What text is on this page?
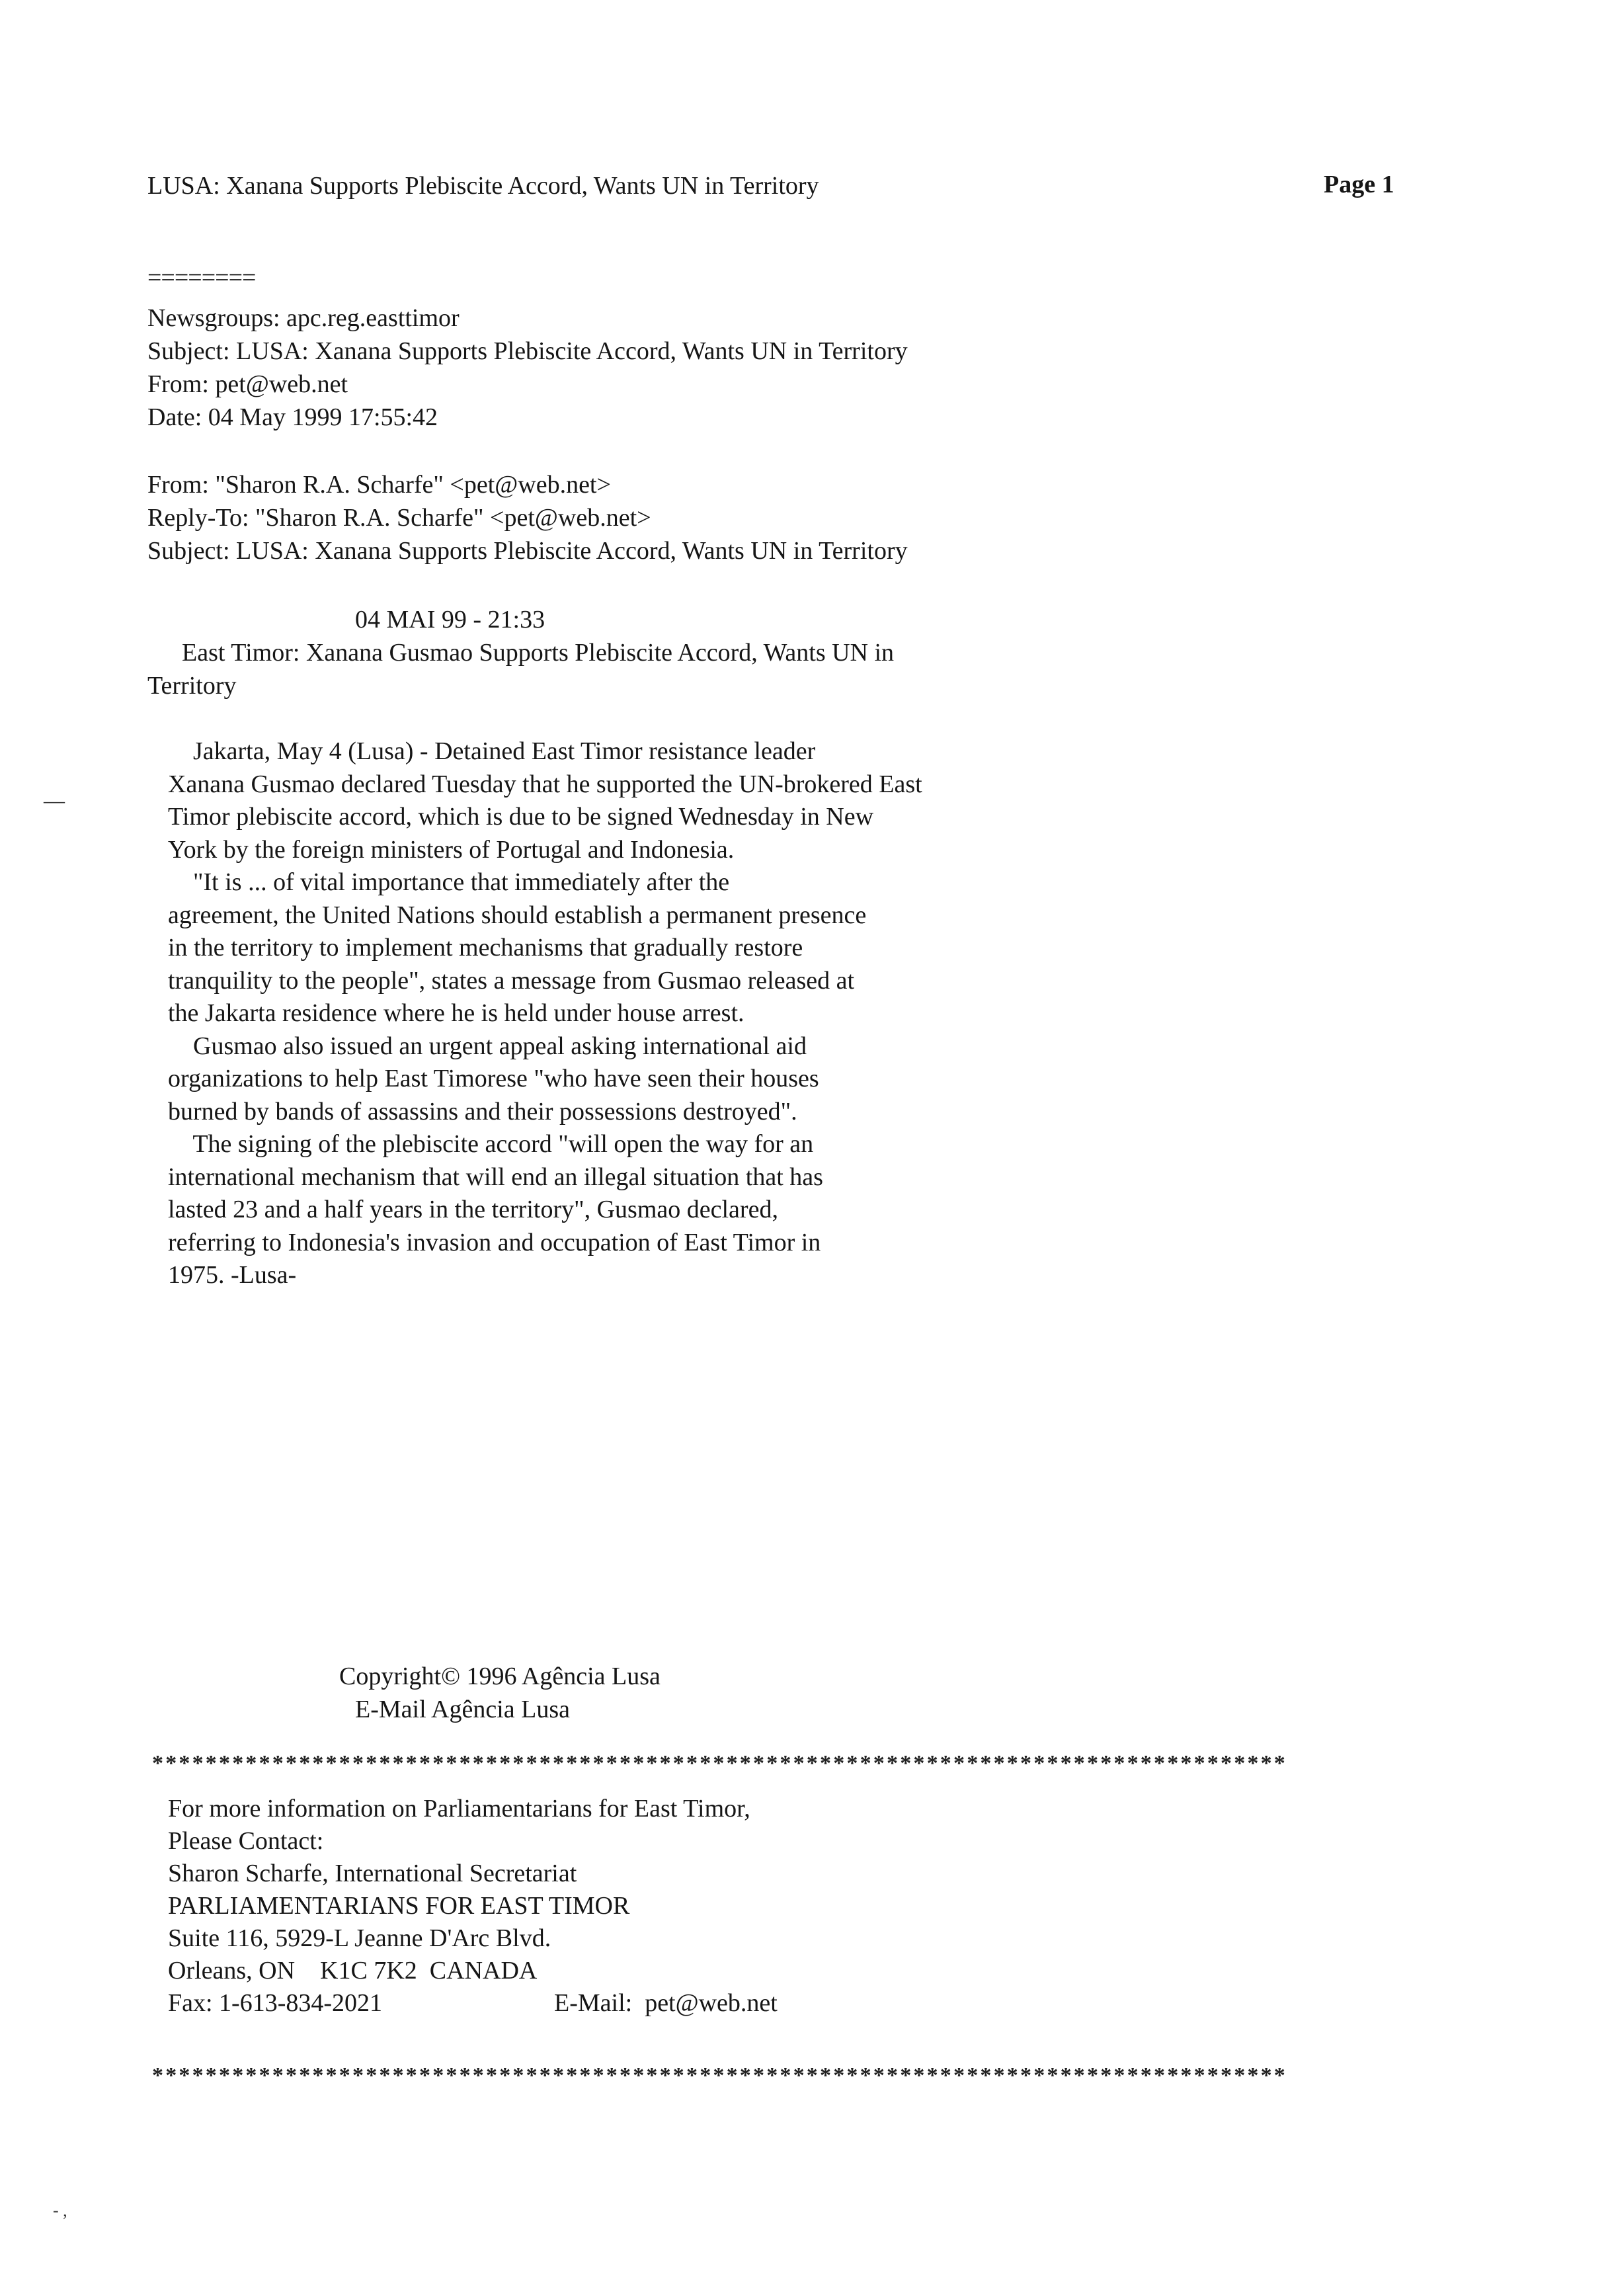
LUSA: Xanana Supports Plebiscite Accord, Wants UN in Territory	Page 1
========
Newsgroups: apc.reg.easttimor
Subject: LUSA: Xanana Supports Plebiscite Accord, Wants UN in Territory
From: pet@web.net
Date: 04 May 1999 17:55:42
From: "Sharon R.A. Scharfe" <pet@web.net>
Reply-To: "Sharon R.A. Scharfe" <pet@web.net>
Subject: LUSA: Xanana Supports Plebiscite Accord, Wants UN in Territory
04 MAI 99 - 21:33
East Timor: Xanana Gusmao Supports Plebiscite Accord, Wants UN in
Territory
—
Jakarta, May 4 (Lusa) - Detained East Timor resistance leader
Xanana Gusmao declared Tuesday that he supported the UN-brokered East
Timor plebiscite accord, which is due to be signed Wednesday in New
York by the foreign ministers of Portugal and Indonesia.
"It is ... of vital importance that immediately after the
agreement, the United Nations should establish a permanent presence
in the territory to implement mechanisms that gradually restore
tranquility to the people", states a message from Gusmao released at
the Jakarta residence where he is held under house arrest.
Gusmao also issued an urgent appeal asking international aid
organizations to help East Timorese "who have seen their houses
burned by bands of assassins and their possessions destroyed".
The signing of the plebiscite accord "will open the way for an
international mechanism that will end an illegal situation that has
lasted 23 and a half years in the territory", Gusmao declared,
referring to Indonesia's invasion and occupation of East Timor in
1975. -Lusa-
Copyright© 1996 Agência Lusa
E-Mail Agência Lusa
*************************************************************************************
For more information on Parliamentarians for East Timor,
Please Contact:
Sharon Scharfe, International Secretariat
PARLIAMENTARIANS FOR EAST TIMOR
Suite 116, 5929-L Jeanne D'Arc Blvd.
Orleans, ON    K1C 7K2  CANADA
Fax: 1-613-834-2021	E-Mail:  pet@web.net
*************************************************************************************
- ,
